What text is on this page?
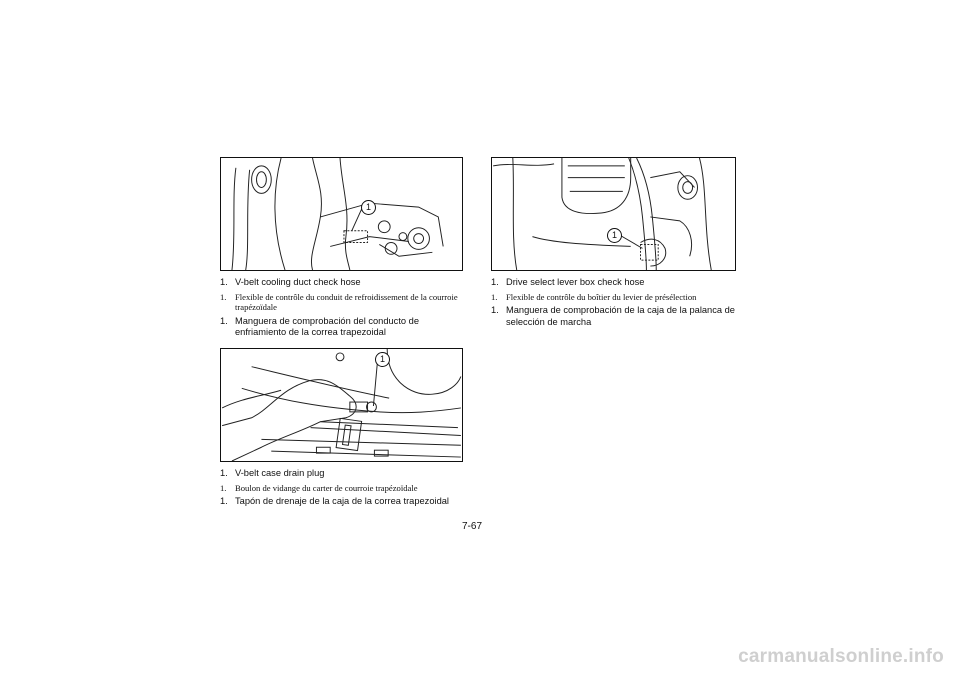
1
1. V-belt cooling duct check hose
1. Flexible de contrôle du conduit de refroidissement de la courroie trapézoïdale
1. Manguera de comprobación del conducto de enfriamiento de la correa trapezoidal
1
1. V-belt case drain plug
1. Boulon de vidange du carter de courroie trapézoïdale
1. Tapón de drenaje de la caja de la correa trapezoidal
1
1. Drive select lever box check hose
1. Flexible de contrôle du boîtier du levier de présélection
1. Manguera de comprobación de la caja de la palanca de selección de marcha
7-67
carmanualsonline.info
